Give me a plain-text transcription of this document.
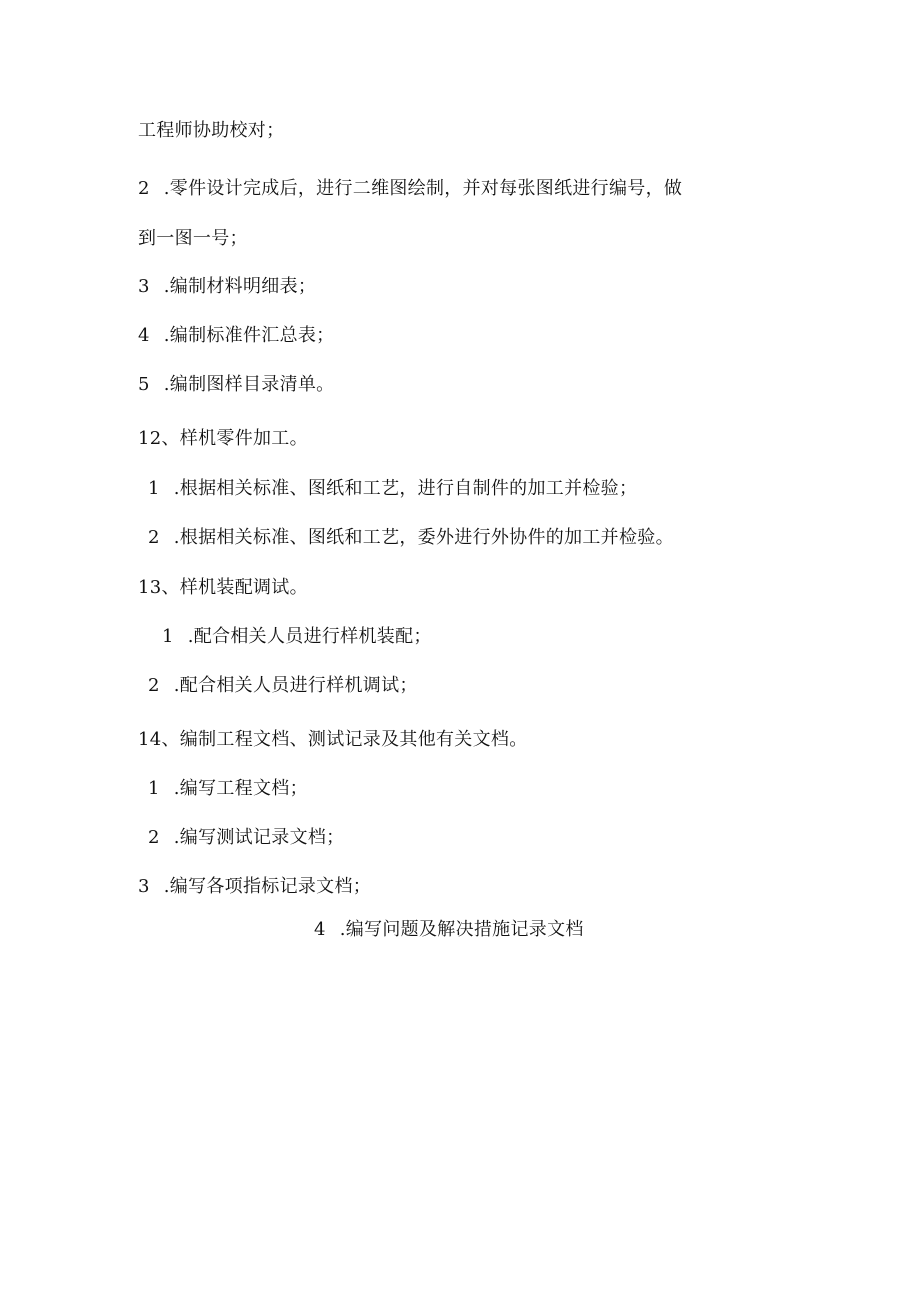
工程师协助校对；
2 .零件设计完成后，进行二维图绘制，并对每张图纸进行编号，做
到一图一号；
3 .编制材料明细表；
4 .编制标准件汇总表；
5 .编制图样目录清单。
12、样机零件加工。
1 .根据相关标准、图纸和工艺，进行自制件的加工并检验；
2 .根据相关标准、图纸和工艺，委外进行外协件的加工并检验。
13、样机装配调试。
1 .配合相关人员进行样机装配；
2 .配合相关人员进行样机调试；
14、编制工程文档、测试记录及其他有关文档。
1 .编写工程文档；
2 .编写测试记录文档；
3 .编写各项指标记录文档；
4 .编写问题及解决措施记录文档
